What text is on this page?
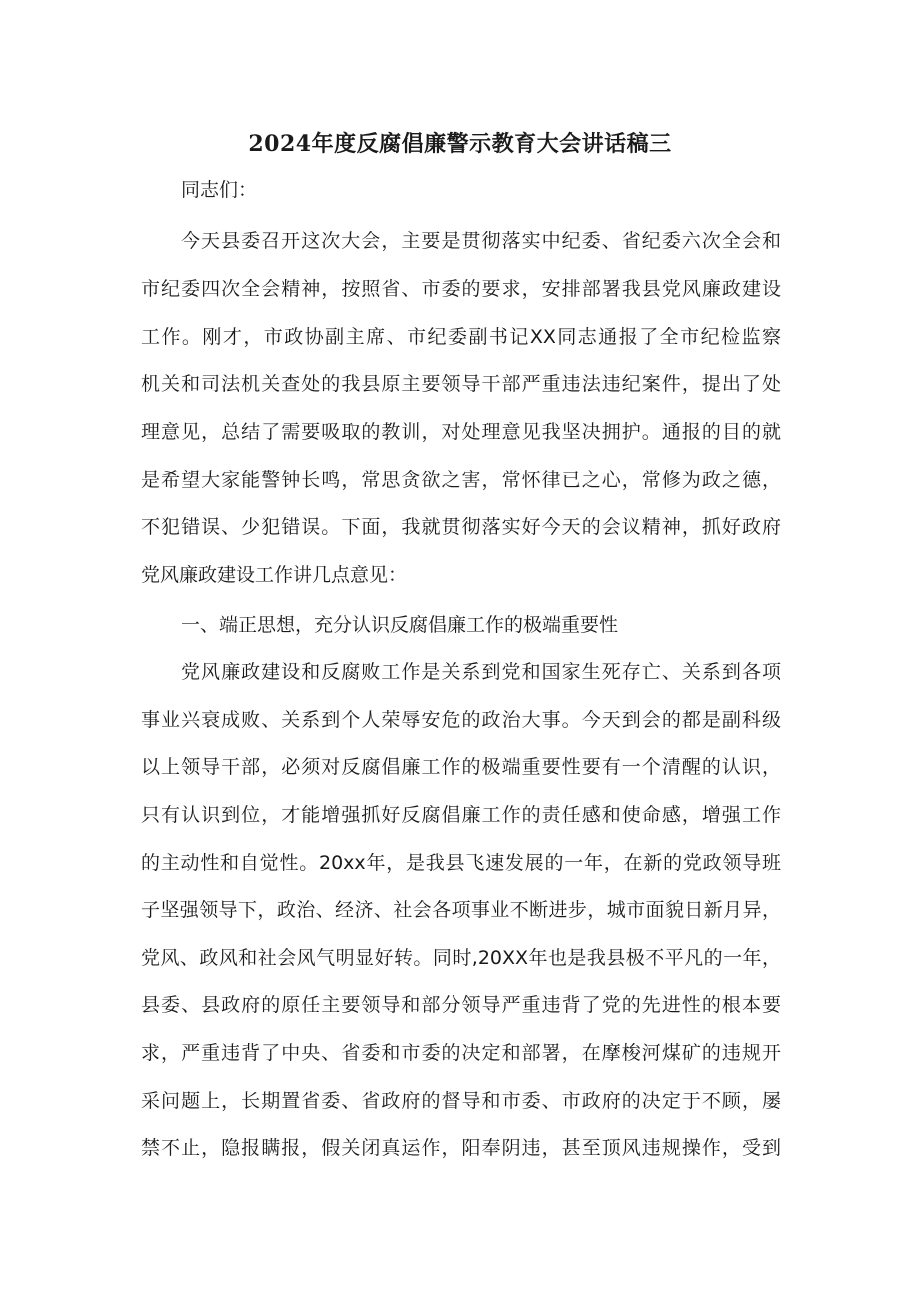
2024年度反腐倡廉警示教育大会讲话稿三
同志们：
今天县委召开这次大会，主要是贯彻落实中纪委、省纪委六次全会和
市纪委四次全会精神，按照省、市委的要求，安排部署我县党风廉政建设
工作。刚才，市政协副主席、市纪委副书记XX同志通报了全市纪检监察
机关和司法机关查处的我县原主要领导干部严重违法违纪案件，提出了处
理意见，总结了需要吸取的教训，对处理意见我坚决拥护。通报的目的就
是希望大家能警钟长鸣，常思贪欲之害，常怀律已之心，常修为政之德，
不犯错误、少犯错误。下面，我就贯彻落实好今天的会议精神，抓好政府
党风廉政建设工作讲几点意见：
一、端正思想，充分认识反腐倡廉工作的极端重要性
党风廉政建设和反腐败工作是关系到党和国家生死存亡、关系到各项
事业兴衰成败、关系到个人荣辱安危的政治大事。今天到会的都是副科级
以上领导干部，必须对反腐倡廉工作的极端重要性要有一个清醒的认识，
只有认识到位，才能增强抓好反腐倡廉工作的责任感和使命感，增强工作
的主动性和自觉性。20xx年，是我县飞速发展的一年，在新的党政领导班
子坚强领导下，政治、经济、社会各项事业不断进步，城市面貌日新月异，
党风、政风和社会风气明显好转。同时,20XX年也是我县极不平凡的一年，
县委、县政府的原任主要领导和部分领导严重违背了党的先进性的根本要
求，严重违背了中央、省委和市委的决定和部署，在摩梭河煤矿的违规开
采问题上，长期置省委、省政府的督导和市委、市政府的决定于不顾，屡
禁不止，隐报瞒报，假关闭真运作，阳奉阴违，甚至顶风违规操作，受到
